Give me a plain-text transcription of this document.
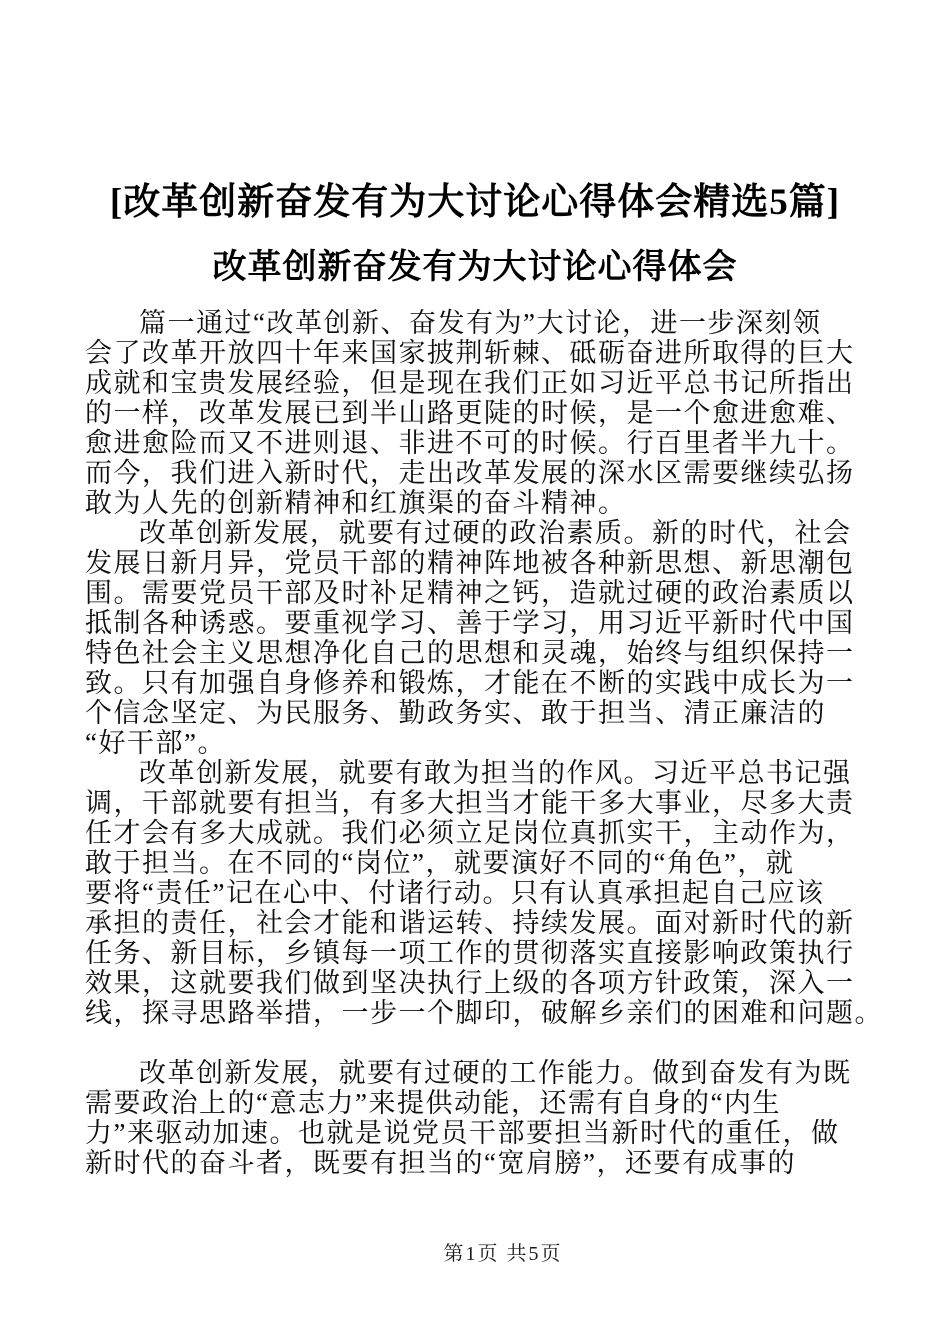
[改革创新奋发有为大讨论心得体会精选5篇]
改革创新奋发有为大讨论心得体会
篇一通过“改革创新、奋发有为”大讨论，进一步深刻领
会了改革开放四十年来国家披荆斩棘、砥砺奋进所取得的巨大
成就和宝贵发展经验，但是现在我们正如习近平总书记所指出
的一样，改革发展已到半山路更陡的时候，是一个愈进愈难、
愈进愈险而又不进则退、非进不可的时候。行百里者半九十。
而今，我们进入新时代，走出改革发展的深水区需要继续弘扬
敢为人先的创新精神和红旗渠的奋斗精神。
改革创新发展，就要有过硬的政治素质。新的时代，社会
发展日新月异，党员干部的精神阵地被各种新思想、新思潮包
围。需要党员干部及时补足精神之钙，造就过硬的政治素质以
抵制各种诱惑。要重视学习、善于学习，用习近平新时代中国
特色社会主义思想净化自己的思想和灵魂，始终与组织保持一
致。只有加强自身修养和锻炼，才能在不断的实践中成长为一
个信念坚定、为民服务、勤政务实、敢于担当、清正廉洁的
“好干部”。
改革创新发展，就要有敢为担当的作风。习近平总书记强
调，干部就要有担当，有多大担当才能干多大事业，尽多大责
任才会有多大成就。我们必须立足岗位真抓实干，主动作为，
敢于担当。在不同的“岗位”，就要演好不同的“角色”，就
要将“责任”记在心中、付诸行动。只有认真承担起自己应该
承担的责任，社会才能和谐运转、持续发展。面对新时代的新
任务、新目标，乡镇每一项工作的贯彻落实直接影响政策执行
效果，这就要我们做到坚决执行上级的各项方针政策，深入一
线，探寻思路举措，一步一个脚印，破解乡亲们的困难和问题。
改革创新发展，就要有过硬的工作能力。做到奋发有为既
需要政治上的“意志力”来提供动能，还需有自身的“内生
力”来驱动加速。也就是说党员干部要担当新时代的重任，做
新时代的奋斗者，既要有担当的“宽肩膀”，还要有成事的
第1页 共5页
